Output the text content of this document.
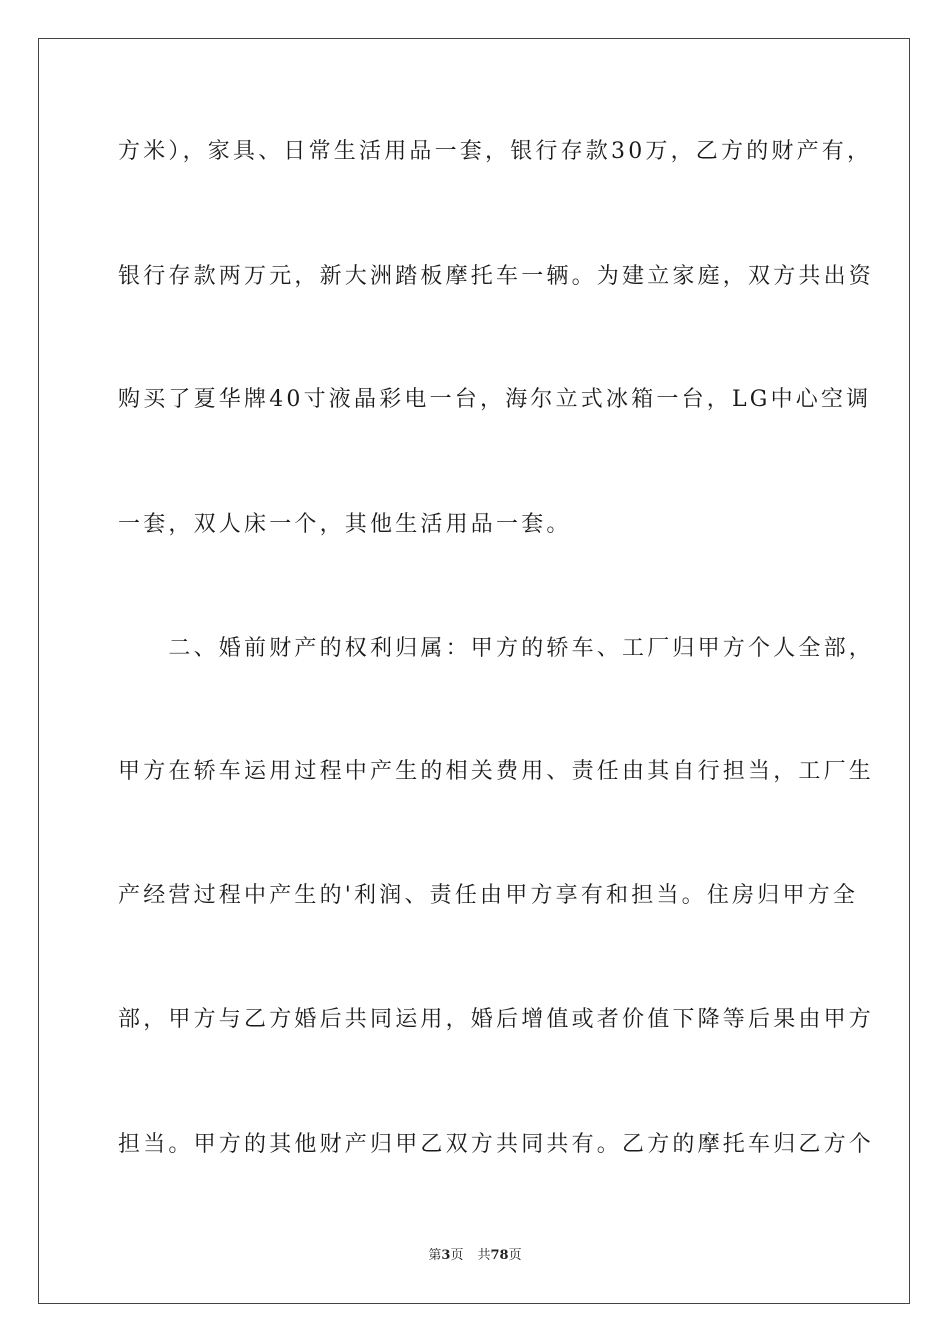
方米），家具、日常生活用品一套，银行存款30万，乙方的财产有，
银行存款两万元，新大洲踏板摩托车一辆。为建立家庭，双方共出资
购买了夏华牌40寸液晶彩电一台，海尔立式冰箱一台，LG中心空调
一套，双人床一个，其他生活用品一套。
　　二、婚前财产的权利归属：甲方的轿车、工厂归甲方个人全部，
甲方在轿车运用过程中产生的相关费用、责任由其自行担当，工厂生
产经营过程中产生的'利润、责任由甲方享有和担当。住房归甲方全
部，甲方与乙方婚后共同运用，婚后增值或者价值下降等后果由甲方
担当。甲方的其他财产归甲乙双方共同共有。乙方的摩托车归乙方个
第3页 共78页
